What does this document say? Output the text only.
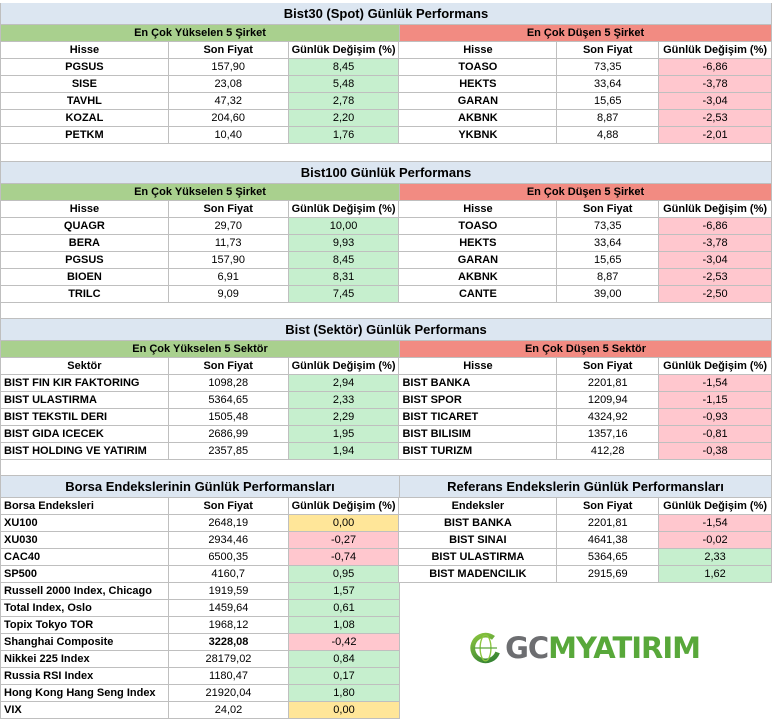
Bist30 (Spot) Günlük Performans
En Çok Yükselen 5 Şirket	En Çok Düşen 5 Şirket
Hisse	Son Fiyat	Günlük Değişim (%)	Hisse	Son Fiyat	Günlük Değişim (%)
PGSUS	157,90	8,45	TOASO	73,35	-6,86
SISE	23,08	5,48	HEKTS	33,64	-3,78
TAVHL	47,32	2,78	GARAN	15,65	-3,04
KOZAL	204,60	2,20	AKBNK	8,87	-2,53
PETKM	10,40	1,76	YKBNK	4,88	-2,01
Bist100 Günlük Performans
En Çok Yükselen 5 Şirket	En Çok Düşen 5 Şirket
Hisse	Son Fiyat	Günlük Değişim (%)	Hisse	Son Fiyat	Günlük Değişim (%)
QUAGR	29,70	10,00	TOASO	73,35	-6,86
BERA	11,73	9,93	HEKTS	33,64	-3,78
PGSUS	157,90	8,45	GARAN	15,65	-3,04
BIOEN	6,91	8,31	AKBNK	8,87	-2,53
TRILC	9,09	7,45	CANTE	39,00	-2,50
Bist (Sektör) Günlük Performans
En Çok Yükselen 5 Sektör	En Çok Düşen 5 Sektör
Sektör	Son Fiyat	Günlük Değişim (%)	Hisse	Son Fiyat	Günlük Değişim (%)
BIST FIN KIR FAKTORING	1098,28	2,94	BIST BANKA	2201,81	-1,54
BIST ULASTIRMA	5364,65	2,33	BIST SPOR	1209,94	-1,15
BIST TEKSTIL DERI	1505,48	2,29	BIST TICARET	4324,92	-0,93
BIST GIDA ICECEK	2686,99	1,95	BIST BILISIM	1357,16	-0,81
BIST HOLDING VE YATIRIM	2357,85	1,94	BIST TURIZM	412,28	-0,38
Borsa Endekslerinin Günlük Performansları	Referans Endekslerin Günlük Performansları
Borsa Endeksleri	Son Fiyat	Günlük Değişim (%)	Endeksler	Son Fiyat	Günlük Değişim (%)
XU100	2648,19	0,00	BIST BANKA	2201,81	-1,54
XU030	2934,46	-0,27	BIST SINAI	4641,38	-0,02
CAC40	6500,35	-0,74	BIST ULASTIRMA	5364,65	2,33
SP500	4160,7	0,95	BIST MADENCILIK	2915,69	1,62
Russell 2000 Index, Chicago	1919,59	1,57
Total Index, Oslo	1459,64	0,61
Topix Tokyo TOR	1968,12	1,08
Shanghai Composite	3228,08	-0,42
Nikkei 225 Index	28179,02	0,84
Russia RSI Index	1180,47	0,17
Hong Kong Hang Seng Index	21920,04	1,80
VIX	24,02	0,00
GCMYATIRIM
